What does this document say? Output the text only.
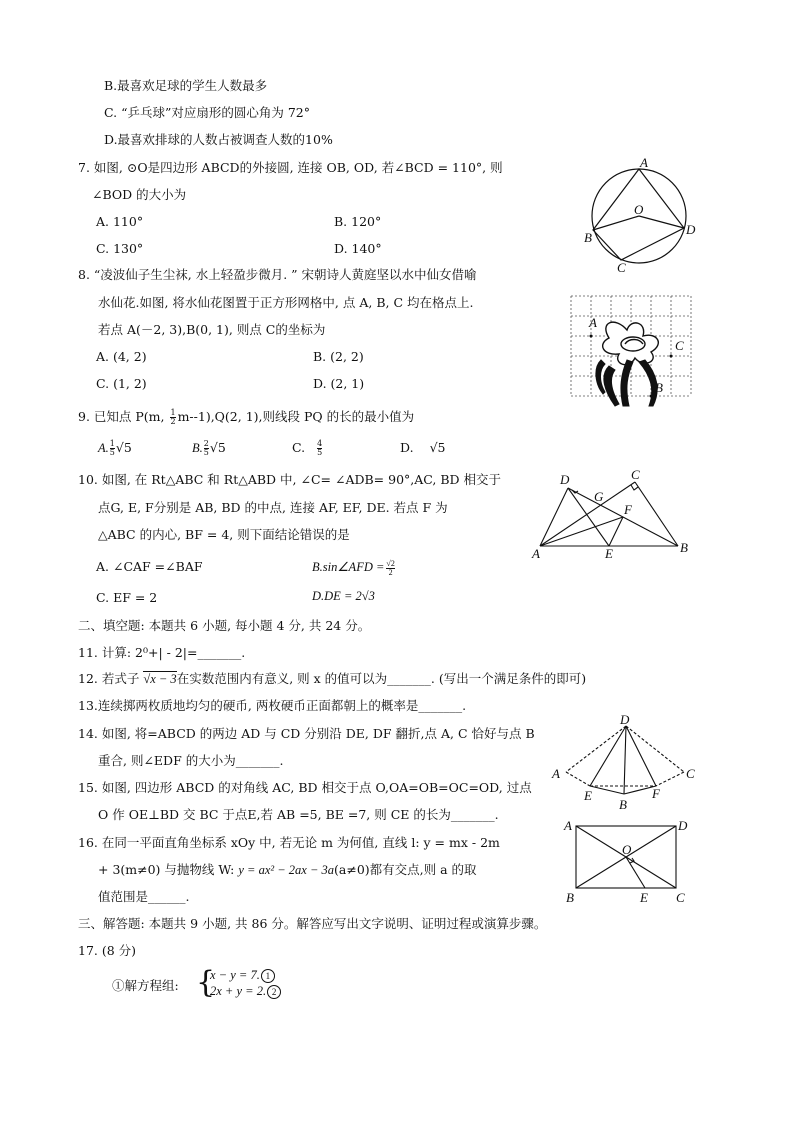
B.最喜欢足球的学生人数最多
C. “乒乓球”对应扇形的圆心角为 72°
D.最喜欢排球的人数占被调查人数的10%
7. 如图, ⊙O是四边形 ABCD的外接圆, 连接 OB, OD, 若∠BCD = 110°, 则
∠BOD 的大小为
A. 110°	B. 120°
C. 130°	D. 140°
A
O
B
D
C
8. “凌波仙子生尘袜, 水上轻盈步微月. ” 宋朝诗人黄庭坚以水中仙女借喻
水仙花.如图, 将水仙花图置于正方形网格中, 点 A, B, C 均在格点上.
若点 A(－2, 3),B(0, 1), 则点 C的坐标为
A. (4, 2)	B. (2, 2)
C. (1, 2)	D. (2, 1)
A
C
B
9. 已知点 P(m, $\frac{1}{2} m--1),Q(2$, 1),则线段 PQ 的长的最小值为
A. $\frac{1}{5} √5$	B. $\frac{2}{5} √5$	C. $\frac{4}{5}$	D. √5
10. 如图, 在 Rt△ABC 和 Rt△ABD 中, ∠C= ∠ADB= 90°,AC, BD 相交于
点G, E, F分别是 AB, BD 的中点, 连接 AF, EF, DE. 若点 F 为
△ABC 的内心, BF = 4, 则下面结论错误的是
A. ∠CAF =∠BAF	B.sin∠AFD = $\frac{√2}{2}$
C. EF = 2	D.DE = 2√3
D	C
G
F
A	E	B
二、填空题: 本题共 6 小题, 每小题 4 分, 共 24 分。
11. 计算: 2⁰+| - 2|=_______.
12. 若式子 √x − 3在实数范围内有意义, 则 x 的值可以为_______. (写出一个满足条件的即可)
13.连续掷两枚质地均匀的硬币, 两枚硬币正面都朝上的概率是_______.
14. 如图, 将=ABCD 的两边 AD 与 CD 分别沿 DE, DF 翻折,点 A, C 恰好与点 B
重合, 则∠EDF 的大小为_______.
D
A	C
E	F
B
15. 如图, 四边形 ABCD 的对角线 AC, BD 相交于点 O,OA=OB=OC=OD, 过点
O 作 OE⊥BD 交 BC 于点E,若 AB =5, BE =7, 则 CE 的长为_______.
A	D
O
B	E C
16. 在同一平面直角坐标系 xOy 中, 若无论 m 为何值, 直线 l: y = mx - 2m
+ 3(m≠0) 与抛物线 W: y = ax² − 2ax − 3a(a≠0)都有交点,则 a 的取
值范围是______.
三、解答题: 本题共 9 小题, 共 86 分。解答应写出文字说明、证明过程或演算步骤。
17. (8 分)
①解方程组: {
x − y = 7. 1
2x + y = 2. 2
